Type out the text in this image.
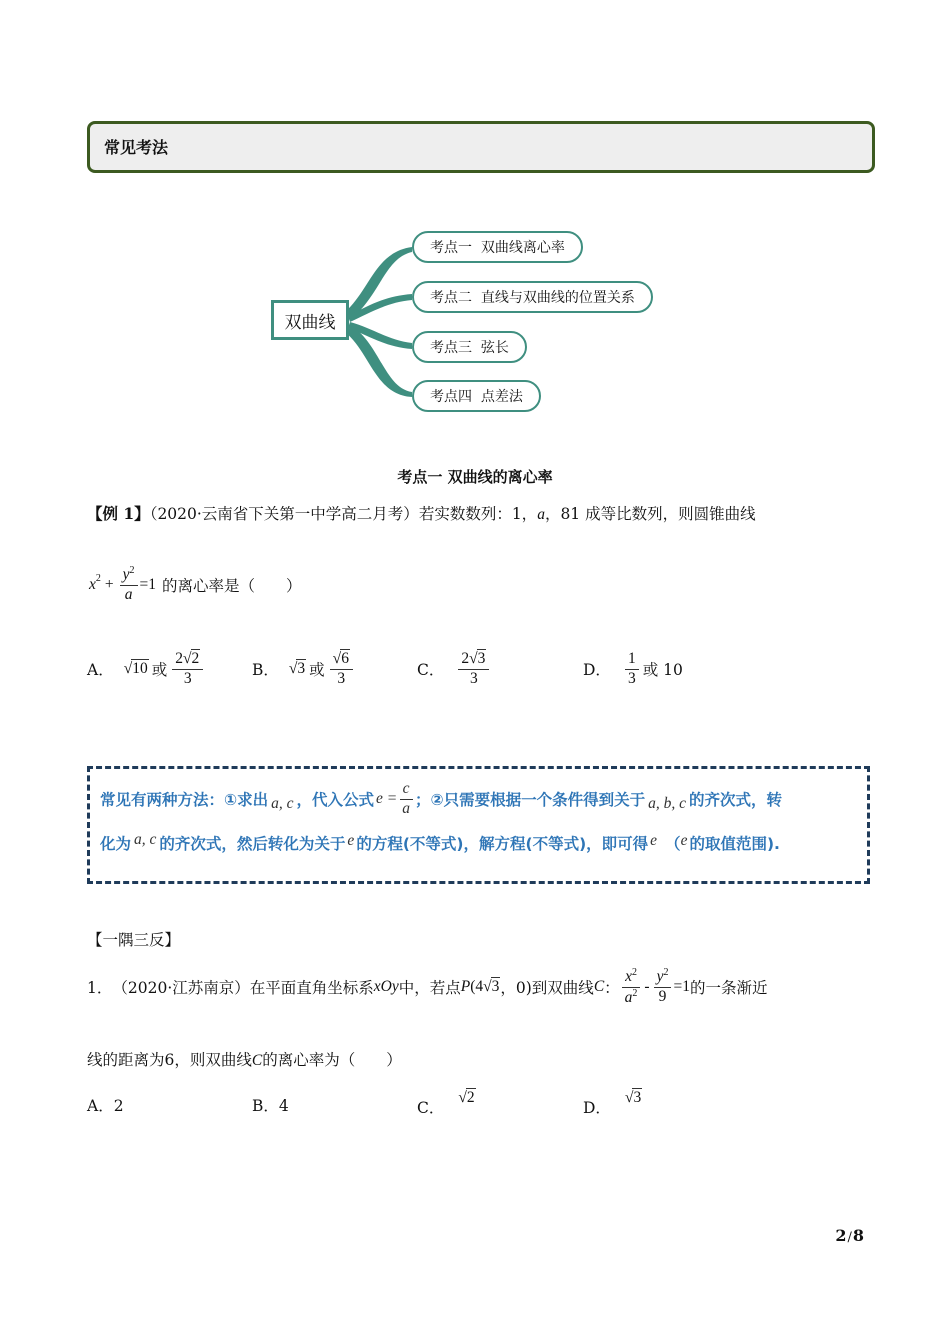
常见考法
双曲线
考点一  双曲线离心率
考点二  直线与双曲线的位置关系
考点三  弦长
考点四  点差法
考点一 双曲线的离心率
【例 1】（2020·云南省下关第一中学高二月考）若实数数列：1，a，81 成等比数列，则圆锥曲线
$x^2 + \frac{y^2}{a} =1$ 的离心率是（　　）
A． √10 或 $\frac{2√2}{3}$	B． √3 或 $\frac{√6}{3}$	C． $\frac{2√3}{3}$	D． $\frac{1}{3}$ 或 10
常见有两种方法：①求出 a, c ，代入公式 $e = \frac{c}{a}$ ；②只需要根据一个条件得到关于 a, b, c 的齐次式，转
化为 a, c 的齐次式，然后转化为关于 e 的方程(不等式)，解方程(不等式)，即可得 e （ e 的取值范围).
【一隅三反】
1． （2020·江苏南京） 在平面直角坐标系 xOy 中，若点 P (4 √3 ，0)到双曲线 C ： $\frac{x^2}{a^2} - \frac{y^2}{9} =1$ 的一条渐近
线的距离为6，则双曲线C的离心率为（　　）
A．2	B．4	C．
√2
D．
√3
2/8
